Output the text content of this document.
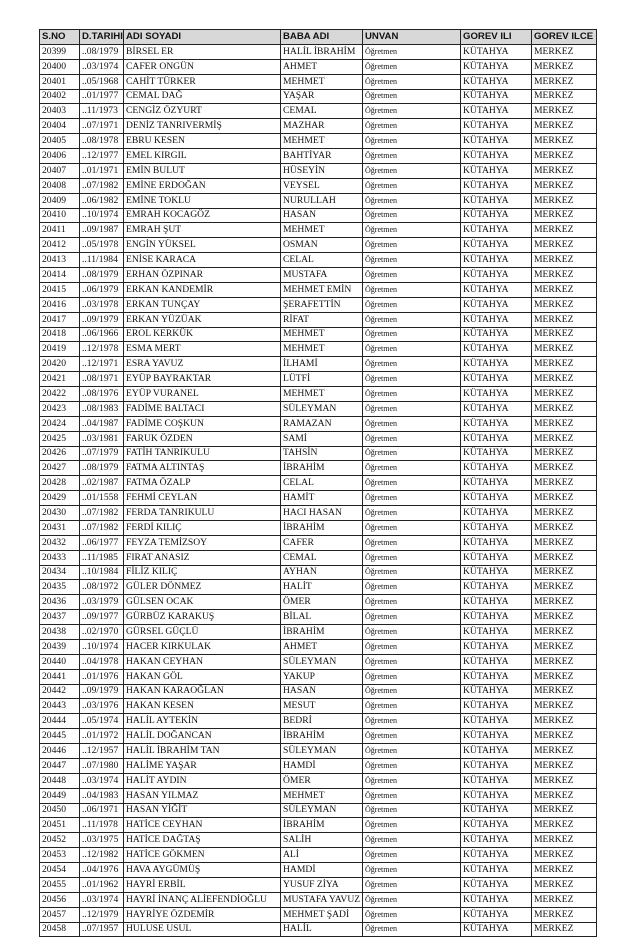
S.NO	D.TARIHI	ADI SOYADI	BABA ADI	UNVAN	GOREV ILI	GOREV ILCE
20399	..08/1979	BİRSEL ER	HALİL İBRAHİM	Öğretmen	KÜTAHYA	MERKEZ
20400	..03/1974	CAFER ONGÜN	AHMET	Öğretmen	KÜTAHYA	MERKEZ
20401	..05/1968	CAHİT TÜRKER	MEHMET	Öğretmen	KÜTAHYA	MERKEZ
20402	..01/1977	CEMAL DAĞ	YAŞAR	Öğretmen	KÜTAHYA	MERKEZ
20403	..11/1973	CENGİZ ÖZYURT	CEMAL	Öğretmen	KÜTAHYA	MERKEZ
20404	..07/1971	DENİZ TANRIVERMİŞ	MAZHAR	Öğretmen	KÜTAHYA	MERKEZ
20405	..08/1978	EBRU KESEN	MEHMET	Öğretmen	KÜTAHYA	MERKEZ
20406	..12/1977	EMEL KIRGIL	BAHTİYAR	Öğretmen	KÜTAHYA	MERKEZ
20407	..01/1971	EMİN BULUT	HÜSEYİN	Öğretmen	KÜTAHYA	MERKEZ
20408	..07/1982	EMİNE ERDOĞAN	VEYSEL	Öğretmen	KÜTAHYA	MERKEZ
20409	..06/1982	EMİNE TOKLU	NURULLAH	Öğretmen	KÜTAHYA	MERKEZ
20410	..10/1974	EMRAH KOCAGÖZ	HASAN	Öğretmen	KÜTAHYA	MERKEZ
20411	..09/1987	EMRAH ŞUT	MEHMET	Öğretmen	KÜTAHYA	MERKEZ
20412	..05/1978	ENGİN YÜKSEL	OSMAN	Öğretmen	KÜTAHYA	MERKEZ
20413	..11/1984	ENİSE KARACA	CELAL	Öğretmen	KÜTAHYA	MERKEZ
20414	..08/1979	ERHAN ÖZPINAR	MUSTAFA	Öğretmen	KÜTAHYA	MERKEZ
20415	..06/1979	ERKAN KANDEMİR	MEHMET EMİN	Öğretmen	KÜTAHYA	MERKEZ
20416	..03/1978	ERKAN TUNÇAY	ŞERAFETTİN	Öğretmen	KÜTAHYA	MERKEZ
20417	..09/1979	ERKAN YÜZÜAK	RİFAT	Öğretmen	KÜTAHYA	MERKEZ
20418	..06/1966	EROL KERKÜK	MEHMET	Öğretmen	KÜTAHYA	MERKEZ
20419	..12/1978	ESMA MERT	MEHMET	Öğretmen	KÜTAHYA	MERKEZ
20420	..12/1971	ESRA YAVUZ	İLHAMİ	Öğretmen	KÜTAHYA	MERKEZ
20421	..08/1971	EYÜP BAYRAKTAR	LÜTFİ	Öğretmen	KÜTAHYA	MERKEZ
20422	..08/1976	EYÜP VURANEL	MEHMET	Öğretmen	KÜTAHYA	MERKEZ
20423	..08/1983	FADİME BALTACI	SÜLEYMAN	Öğretmen	KÜTAHYA	MERKEZ
20424	..04/1987	FADİME COŞKUN	RAMAZAN	Öğretmen	KÜTAHYA	MERKEZ
20425	..03/1981	FARUK ÖZDEN	SAMİ	Öğretmen	KÜTAHYA	MERKEZ
20426	..07/1979	FATİH TANRIKULU	TAHSİN	Öğretmen	KÜTAHYA	MERKEZ
20427	..08/1979	FATMA ALTINTAŞ	İBRAHİM	Öğretmen	KÜTAHYA	MERKEZ
20428	..02/1987	FATMA ÖZALP	CELAL	Öğretmen	KÜTAHYA	MERKEZ
20429	..01/1558	FEHMİ CEYLAN	HAMİT	Öğretmen	KÜTAHYA	MERKEZ
20430	..07/1982	FERDA TANRIKULU	HACI HASAN	Öğretmen	KÜTAHYA	MERKEZ
20431	..07/1982	FERDİ KILIÇ	İBRAHİM	Öğretmen	KÜTAHYA	MERKEZ
20432	..06/1977	FEYZA TEMİZSOY	CAFER	Öğretmen	KÜTAHYA	MERKEZ
20433	..11/1985	FIRAT ANASIZ	CEMAL	Öğretmen	KÜTAHYA	MERKEZ
20434	..10/1984	FİLİZ KILIÇ	AYHAN	Öğretmen	KÜTAHYA	MERKEZ
20435	..08/1972	GÜLER DÖNMEZ	HALİT	Öğretmen	KÜTAHYA	MERKEZ
20436	..03/1979	GÜLSEN OCAK	ÖMER	Öğretmen	KÜTAHYA	MERKEZ
20437	..09/1977	GÜRBÜZ KARAKUŞ	BİLAL	Öğretmen	KÜTAHYA	MERKEZ
20438	..02/1970	GÜRSEL GÜÇLÜ	İBRAHİM	Öğretmen	KÜTAHYA	MERKEZ
20439	..10/1974	HACER KIRKULAK	AHMET	Öğretmen	KÜTAHYA	MERKEZ
20440	..04/1978	HAKAN CEYHAN	SÜLEYMAN	Öğretmen	KÜTAHYA	MERKEZ
20441	..01/1976	HAKAN GÖL	YAKUP	Öğretmen	KÜTAHYA	MERKEZ
20442	..09/1979	HAKAN KARAOĞLAN	HASAN	Öğretmen	KÜTAHYA	MERKEZ
20443	..03/1976	HAKAN KESEN	MESUT	Öğretmen	KÜTAHYA	MERKEZ
20444	..05/1974	HALİL AYTEKİN	BEDRİ	Öğretmen	KÜTAHYA	MERKEZ
20445	..01/1972	HALİL DOĞANCAN	İBRAHİM	Öğretmen	KÜTAHYA	MERKEZ
20446	..12/1957	HALİL İBRAHİM TAN	SÜLEYMAN	Öğretmen	KÜTAHYA	MERKEZ
20447	..07/1980	HALİME YAŞAR	HAMDİ	Öğretmen	KÜTAHYA	MERKEZ
20448	..03/1974	HALİT AYDIN	ÖMER	Öğretmen	KÜTAHYA	MERKEZ
20449	..04/1983	HASAN YILMAZ	MEHMET	Öğretmen	KÜTAHYA	MERKEZ
20450	..06/1971	HASAN YİĞİT	SÜLEYMAN	Öğretmen	KÜTAHYA	MERKEZ
20451	..11/1978	HATİCE CEYHAN	İBRAHİM	Öğretmen	KÜTAHYA	MERKEZ
20452	..03/1975	HATİCE DAĞTAŞ	SALİH	Öğretmen	KÜTAHYA	MERKEZ
20453	..12/1982	HATİCE GÖKMEN	ALİ	Öğretmen	KÜTAHYA	MERKEZ
20454	..04/1976	HAVA AYGÜMÜŞ	HAMDİ	Öğretmen	KÜTAHYA	MERKEZ
20455	..01/1962	HAYRİ ERBİL	YUSUF ZİYA	Öğretmen	KÜTAHYA	MERKEZ
20456	..03/1974	HAYRİ İNANÇ ALİEFENDİOĞLU	MUSTAFA YAVUZ	Öğretmen	KÜTAHYA	MERKEZ
20457	..12/1979	HAYRİYE ÖZDEMİR	MEHMET ŞADİ	Öğretmen	KÜTAHYA	MERKEZ
20458	..07/1957	HULUSE USUL	HALİL	Öğretmen	KÜTAHYA	MERKEZ
